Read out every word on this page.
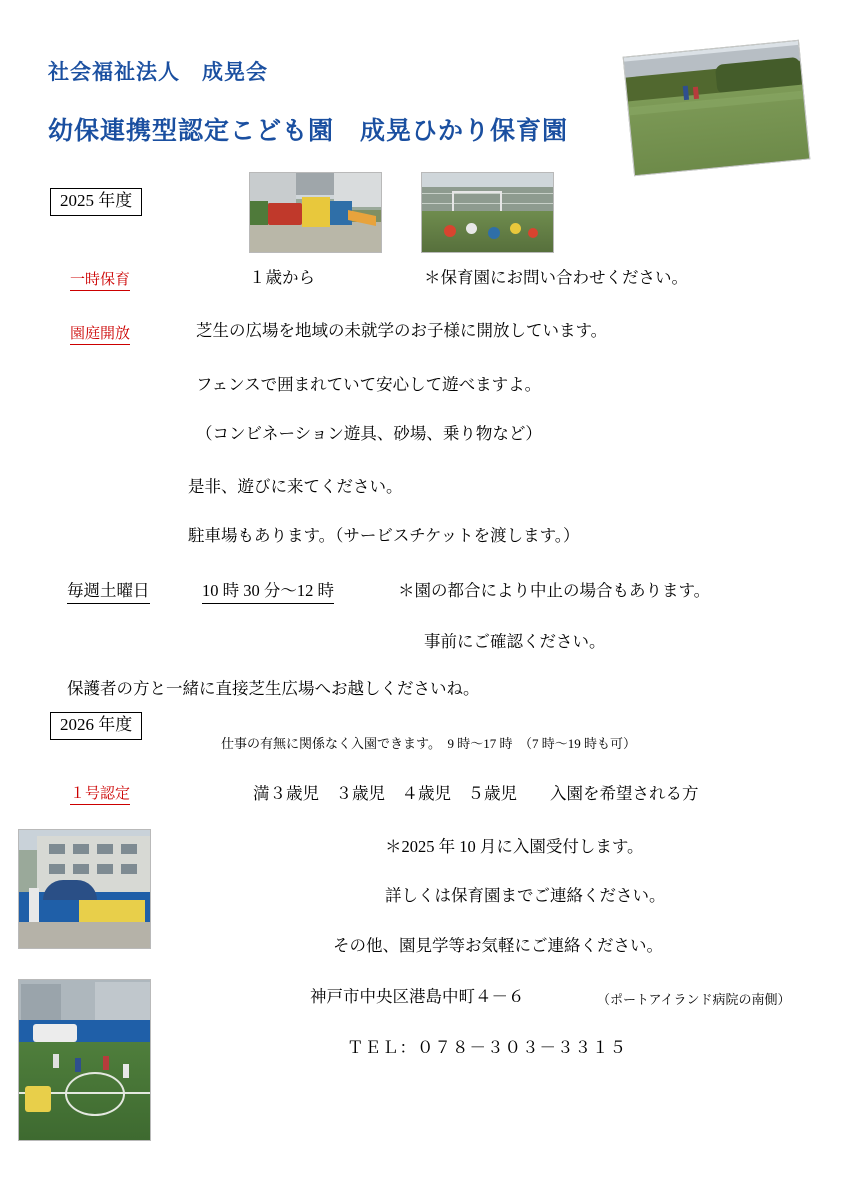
社会福祉法人　成晃会
幼保連携型認定こども園　成晃ひかり保育園
2025 年度
一時保育	１歳から	＊保育園にお問い合わせください。
園庭開放	芝生の広場を地域の未就学のお子様に開放しています。
フェンスで囲まれていて安心して遊べますよ。
（コンビネーション遊具、砂場、乗り物など）
是非、遊びに来てください。
駐車場もあります。（サービスチケットを渡します。）
毎週土曜日	10 時 30 分〜12 時	＊園の都合により中止の場合もあります。
事前にご確認ください。
保護者の方と一緒に直接芝生広場へお越しくださいね。
2026 年度
仕事の有無に関係なく入園できます。　9 時〜17 時　（7 時〜19 時も可）
１号認定	満３歳児　３歳児　４歳児　５歳児　　入園を希望される方
＊2025 年 10 月に入園受付します。
詳しくは保育園までご連絡ください。
その他、園見学等お気軽にご連絡ください。
神戸市中央区港島中町４－６	（ポートアイランド病院の南側）
ＴＥＬ：０７８－３０３－３３１５
